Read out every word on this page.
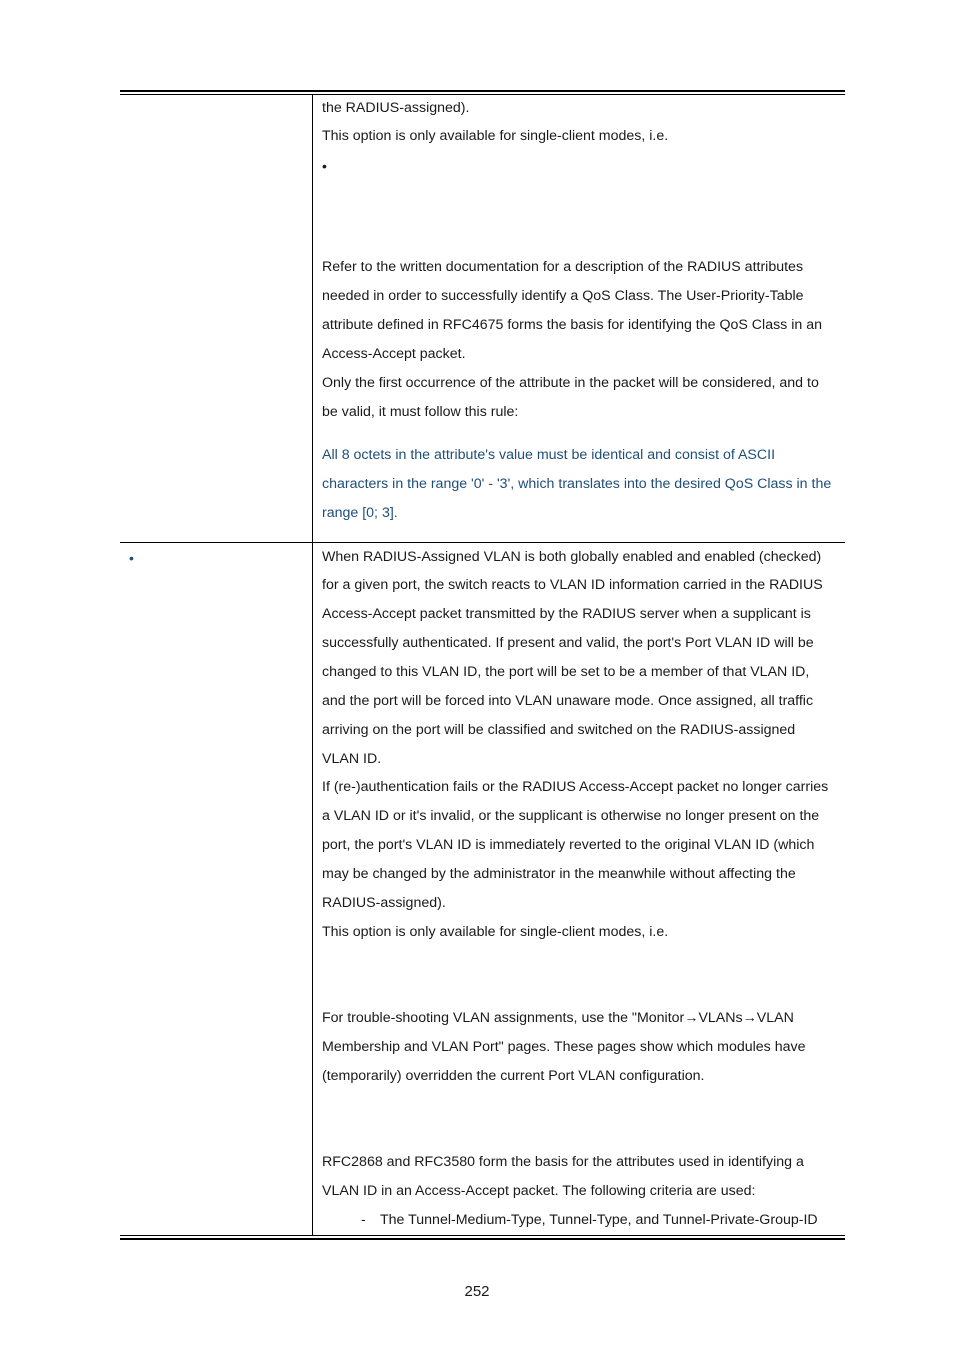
the RADIUS-assigned).

This option is only available for single-client modes, i.e.

•

Refer to the written documentation for a description of the RADIUS attributes

needed in order to successfully identify a QoS Class. The User-Priority-Table

attribute defined in RFC4675 forms the basis for identifying the QoS Class in an

Access-Accept packet.

Only the first occurrence of the attribute in the packet will be considered, and to

be valid, it must follow this rule:

All 8 octets in the attribute's value must be identical and consist of ASCII

characters in the range '0' - '3', which translates into the desired QoS Class in the

range [0; 3].

•	When RADIUS-Assigned VLAN is both globally enabled and enabled (checked)

for a given port, the switch reacts to VLAN ID information carried in the RADIUS

Access-Accept packet transmitted by the RADIUS server when a supplicant is

successfully authenticated. If present and valid, the port's Port VLAN ID will be

changed to this VLAN ID, the port will be set to be a member of that VLAN ID,

and the port will be forced into VLAN unaware mode. Once assigned, all traffic

arriving on the port will be classified and switched on the RADIUS-assigned

VLAN ID.

If (re-)authentication fails or the RADIUS Access-Accept packet no longer carries

a VLAN ID or it's invalid, or the supplicant is otherwise no longer present on the

port, the port's VLAN ID is immediately reverted to the original VLAN ID (which

may be changed by the administrator in the meanwhile without affecting the

RADIUS-assigned).

This option is only available for single-client modes, i.e.

For trouble-shooting VLAN assignments, use the "Monitor→VLANs→VLAN

Membership and VLAN Port" pages. These pages show which modules have

(temporarily) overridden the current Port VLAN configuration.

RFC2868 and RFC3580 form the basis for the attributes used in identifying a

VLAN ID in an Access-Accept packet. The following criteria are used:

- The Tunnel-Medium-Type, Tunnel-Type, and Tunnel-Private-Group-ID

252
